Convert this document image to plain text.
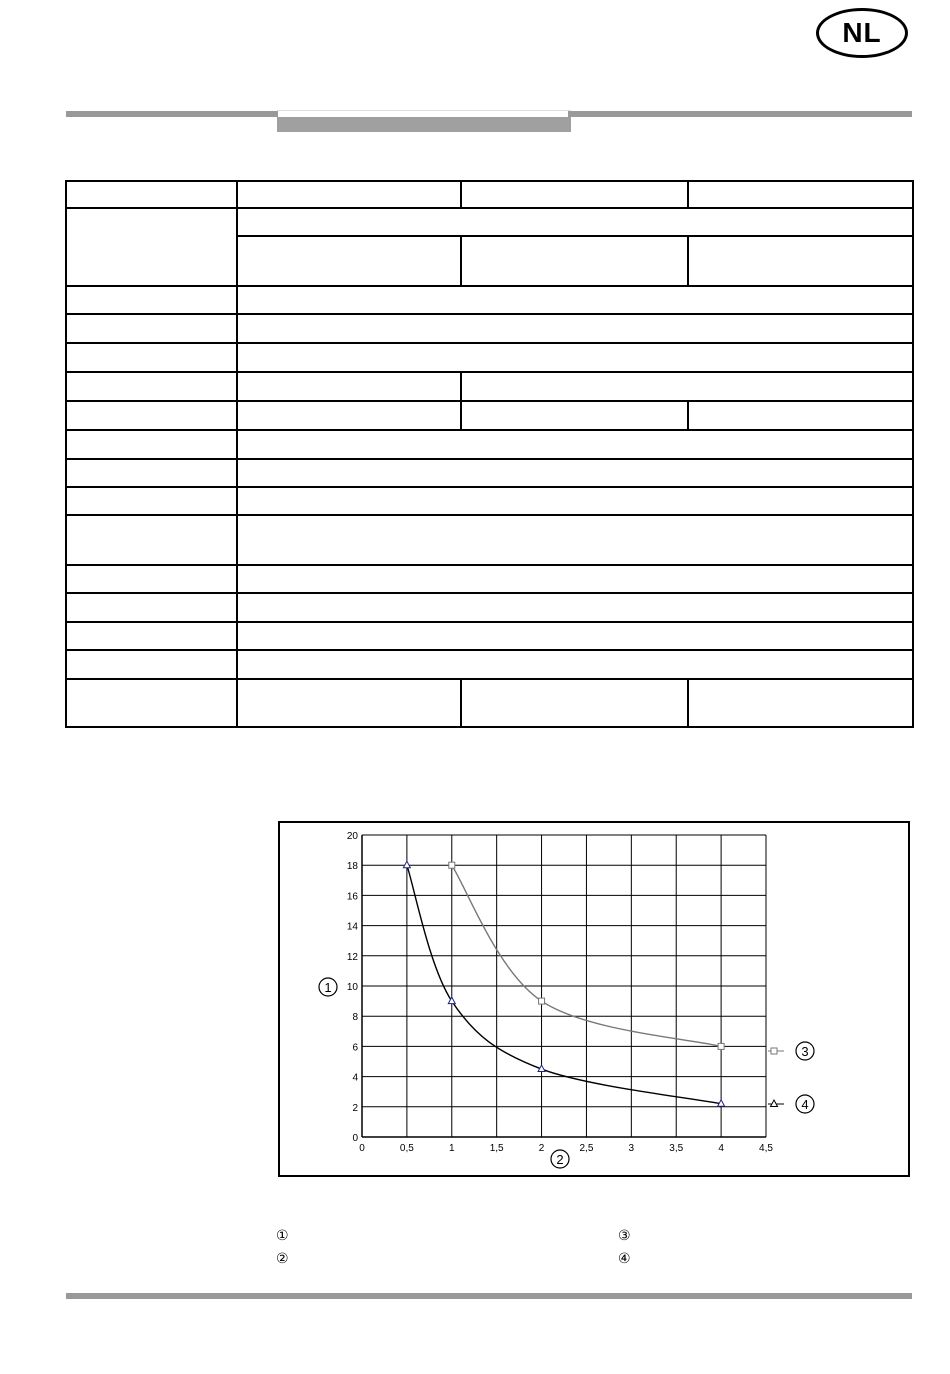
NL

0	0,5	1	1,5	2	2,5	3	3,5	4	4,5
0
2
4
6
8
10
12
14
16
18
20
3
4
1
2
①
②
③
④
